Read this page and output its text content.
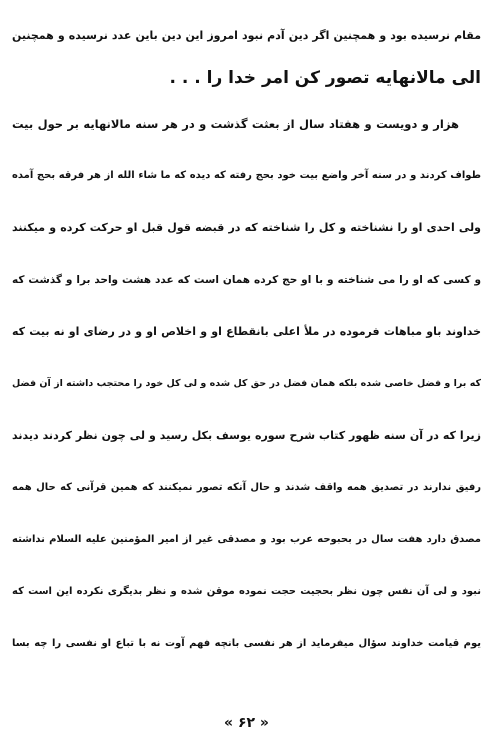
مقام نرسیده بود و همچنین اگر دین آدم نبود امروز این دین باین عدد نرسیده و همچنین
الی مالانهایه تصور کن امر خدا را . . .
هزار و دویست و هفتاد سال از بعثت گذشت و در هر سنه مالانهایه بر حول بیت
طواف کردند و در سنه آخر واضع بیت خود بحج رفته که دیده که ما شاء الله از هر فرقه بحج آمده
ولی احدی او را نشناخته و کل را شناخته که در قبضه قول قبل او حرکت کرده و میکنند
و کسی که او را می شناخته و با او حج کرده همان است که عدد هشت واحد برا و گذشت که
خداوند باو مباهات فرموده در ملأ اعلی بانقطاع او و اخلاص او و در رضای او نه بیت که
که برا و فضل خاصی شده بلکه همان فضل در حق کل شده و لی کل خود را محتجب داشته از آن فضل
زیرا که در آن سنه ظهور کتاب شرح سوره یوسف بکل رسید و لی چون نظر کردند دیدند
رفیق ندارند در تصدیق همه واقف شدند و حال آنکه تصور نمیکنند که همین قرآنی که حال همه
مصدق دارد هفت سال در بحبوحه عرب بود و مصدقی غیر از امیر المؤمنین علیه السلام نداشته
نبود و لی آن نفس چون نظر بحجیت حجت نموده موقن شده و نظر بدیگری نکرده این است که
یوم قیامت خداوند سؤال میفرماید از هر نفسی بانچه فهم آوت نه با تباع او نفسی را چه بسا
« ۶۲ »
